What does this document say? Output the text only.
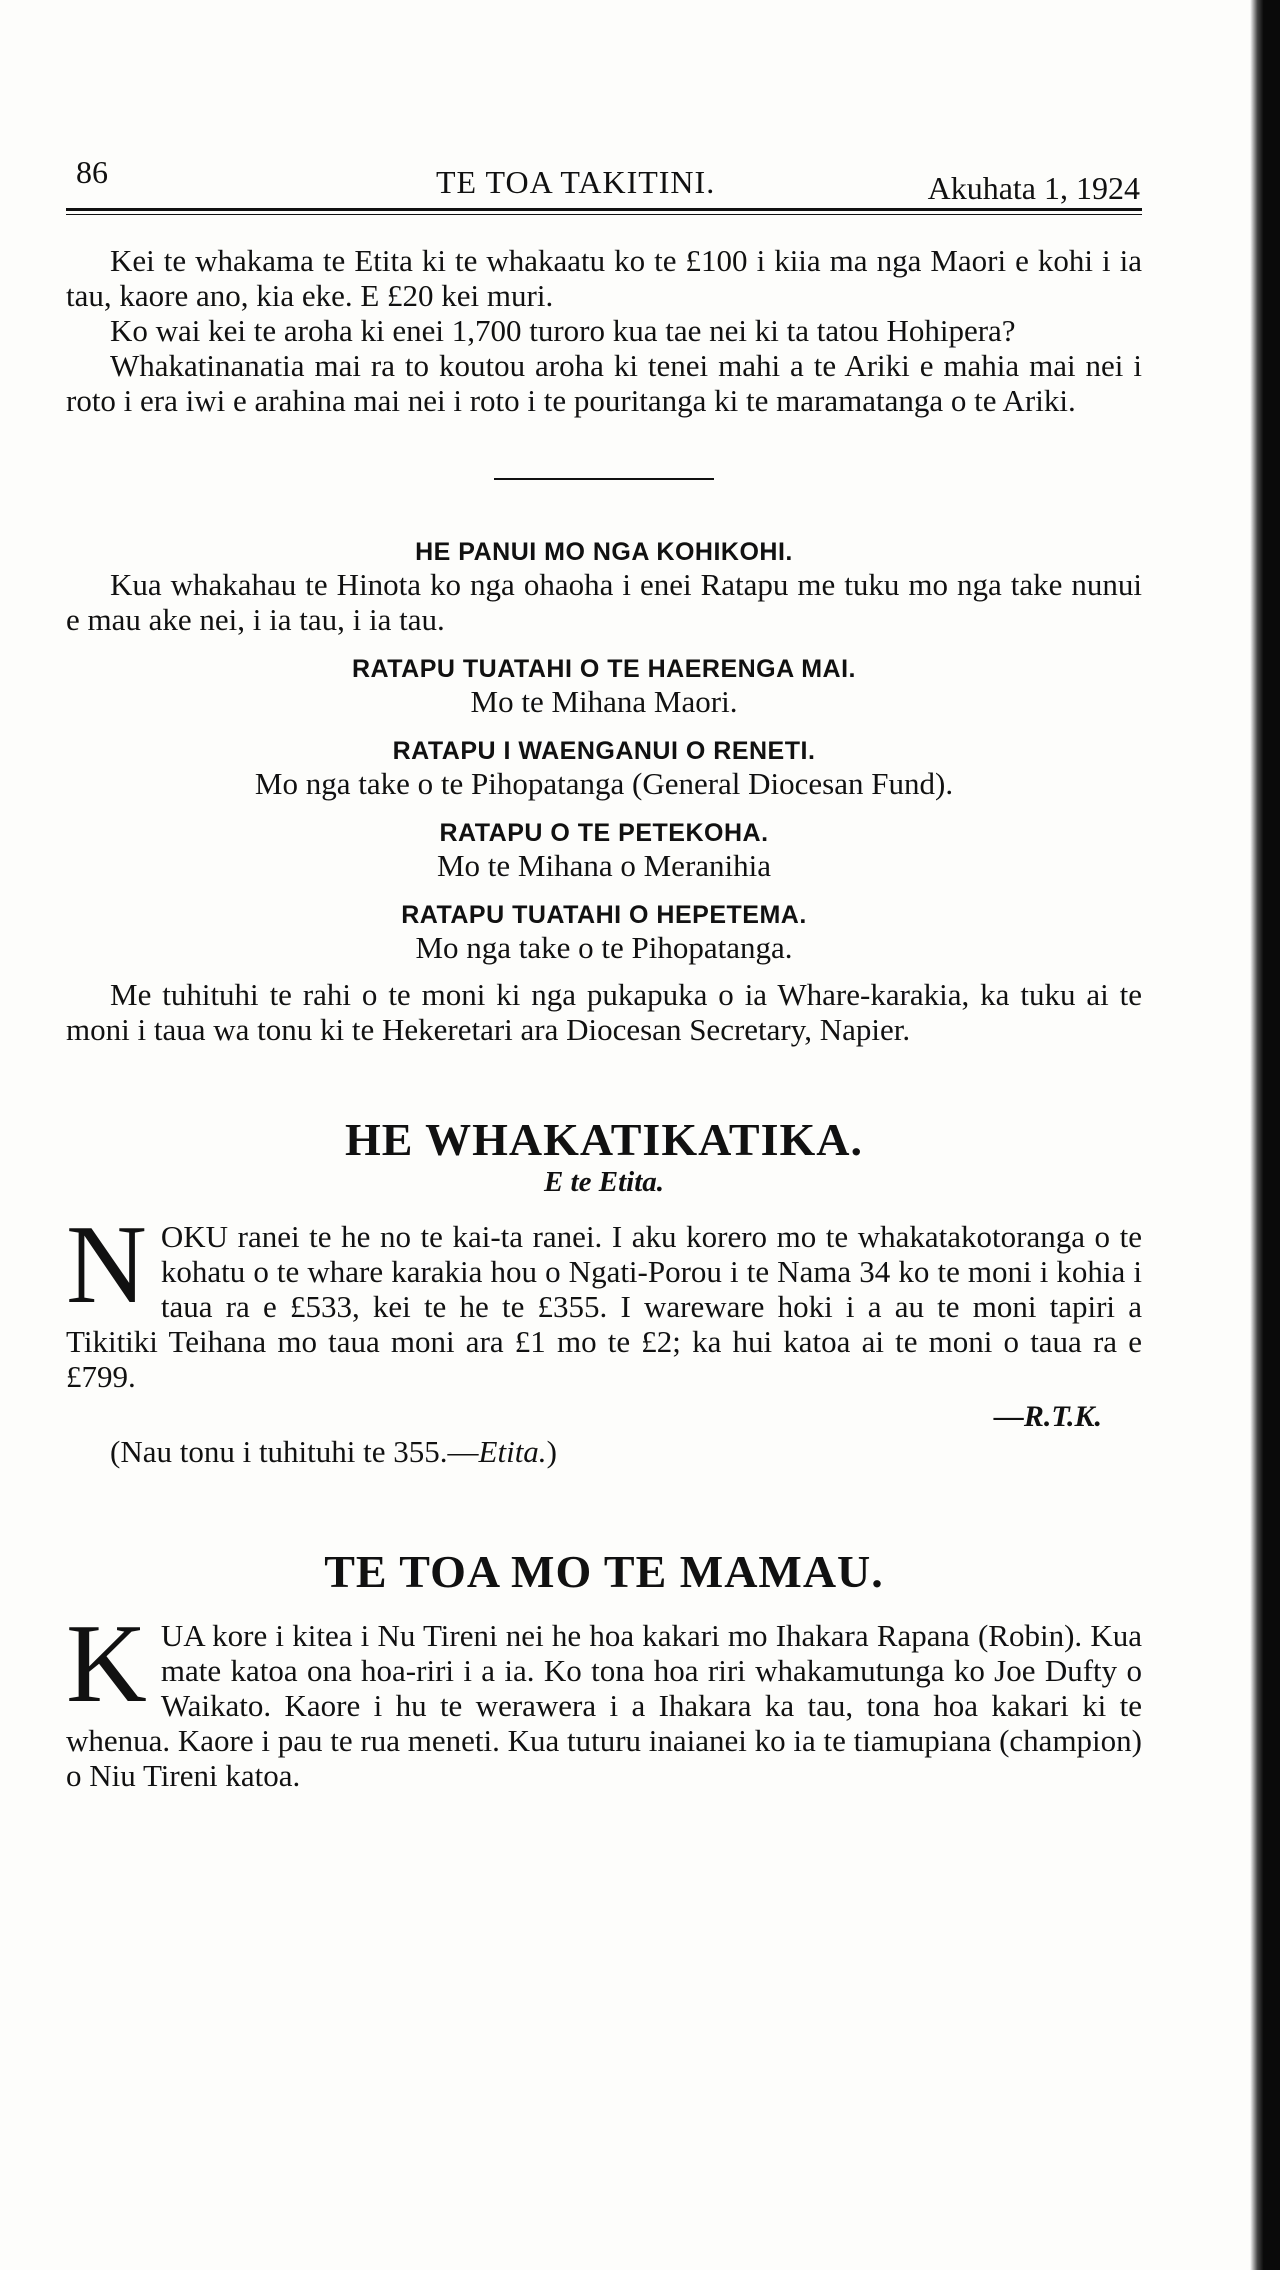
86	TE TOA TAKITINI.	Akuhata 1, 1924

Kei te whakama te Etita ki te whakaatu ko te £100 i kiia ma nga Maori e kohi i ia tau, kaore ano, kia eke. E £20 kei muri.

Ko wai kei te aroha ki enei 1,700 turoro kua tae nei ki ta tatou Hohipera?

Whakatinanatia mai ra to koutou aroha ki tenei mahi a te Ariki e mahia mai nei i roto i era iwi e arahina mai nei i roto i te pouritanga ki te maramatanga o te Ariki.

HE PANUI MO NGA KOHIKOHI.

Kua whakahau te Hinota ko nga ohaoha i enei Ratapu me tuku mo nga take nunui e mau ake nei, i ia tau, i ia tau.

RATAPU TUATAHI O TE HAERENGA MAI.

Mo te Mihana Maori.

RATAPU I WAENGANUI O RENETI.

Mo nga take o te Pihopatanga (General Diocesan Fund).

RATAPU O TE PETEKOHA.

Mo te Mihana o Meranihia

RATAPU TUATAHI O HEPETEMA.

Mo nga take o te Pihopatanga.

Me tuhituhi te rahi o te moni ki nga pukapuka o ia Whare-karakia, ka tuku ai te moni i taua wa tonu ki te Hekeretari ara Diocesan Secretary, Napier.

HE WHAKATIKATIKA.
E te Etita.

NOKU ranei te he no te kai-ta ranei. I aku korero mo te whakatakotoranga o te kohatu o te whare karakia hou o Ngati-Porou i te Nama 34 ko te moni i kohia i taua ra e £533, kei te he te £355. I wareware hoki i a au te moni tapiri a Tikitiki Teihana mo taua moni ara £1 mo te £2; ka hui katoa ai te moni o taua ra e £799.

—R.T.K.

(Nau tonu i tuhituhi te 355.—Etita.)

TE TOA MO TE MAMAU.

KUA kore i kitea i Nu Tireni nei he hoa kakari mo Ihakara Rapana (Robin). Kua mate katoa ona hoa-riri i a ia. Ko tona hoa riri whakamutunga ko Joe Dufty o Waikato. Kaore i hu te werawera i a Ihakara ka tau, tona hoa kakari ki te whenua. Kaore i pau te rua meneti. Kua tuturu inaianei ko ia te tiamupiana (champion) o Niu Tireni katoa.
